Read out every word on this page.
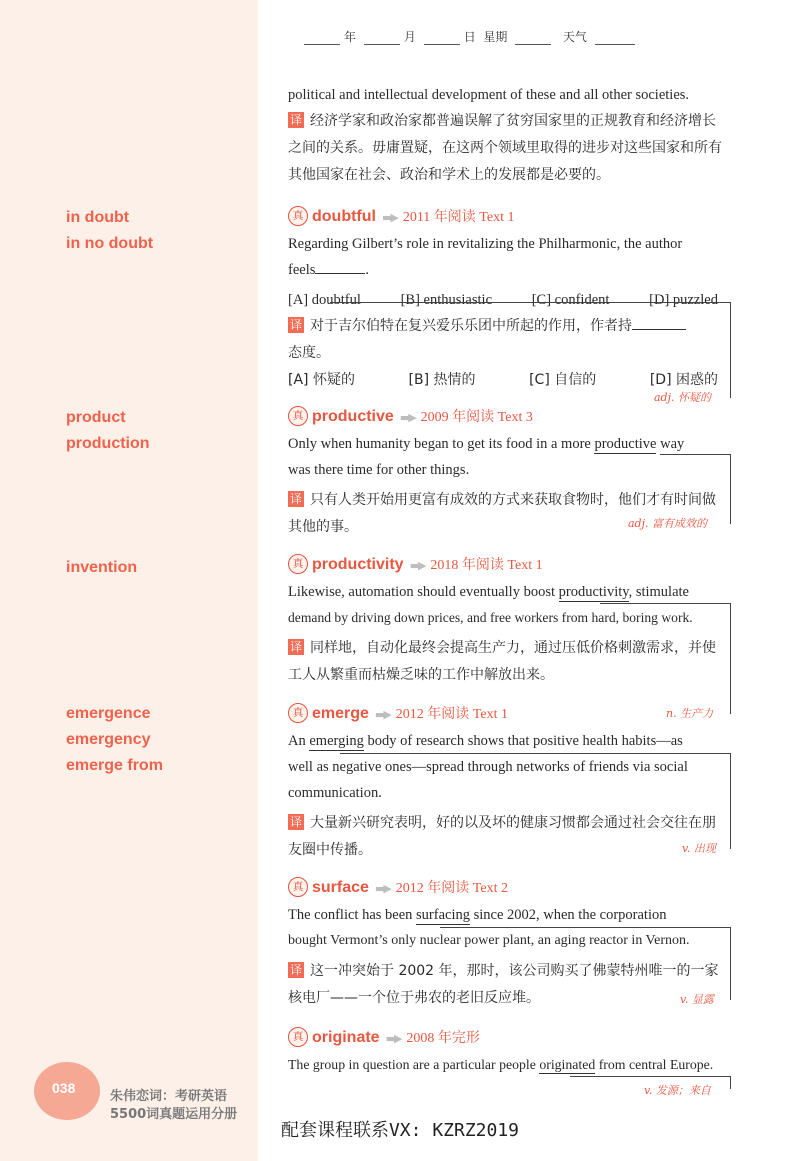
年	月	日 星期	天气
in doubt
in no doubt
product
production
invention
emergence
emergency
emerge from
political and intellectual development of these and all other societies.
译 经济学家和政治家都普遍误解了贫穷国家里的正规教育和经济增长之间的关系。毋庸置疑，在这两个领域里取得的进步对这些国家和所有其他国家在社会、政治和学术上的发展都是必要的。
真 doubtful ▬▶ 2011 年阅读 Text 1
Regarding Gilbert’s role in revitalizing the Philharmonic, the author
feels	.
[A] doubtful	[B] enthusiastic	[C] confident	[D] puzzled
译 对于吉尔伯特在复兴爱乐乐团中所起的作用，作者持
态度。
[A] 怀疑的	[B] 热情的	[C] 自信的	[D] 困惑的
adj. 怀疑的
真 productive ▬▶ 2009 年阅读 Text 3
Only when humanity began to get its food in a more productive way
was there time for other things.
译 只有人类开始用更富有成效的方式来获取食物时，他们才有时间做其他的事。	adj. 富有成效的
真 productivity ▬▶ 2018 年阅读 Text 1
Likewise, automation should eventually boost productivity, stimulate
demand by driving down prices, and free workers from hard, boring work.
译 同样地，自动化最终会提高生产力，通过压低价格刺激需求，并使工人从繁重而枯燥乏味的工作中解放出来。
n. 生产力
真 emerge ▬▶ 2012 年阅读 Text 1
An emerging body of research shows that positive health habits—as
well as negative ones—spread through networks of friends via social
communication.
译 大量新兴研究表明，好的以及坏的健康习惯都会通过社会交往在朋友圈中传播。	v. 出现
真 surface ▬▶ 2012 年阅读 Text 2
The conflict has been surfacing since 2002, when the corporation
bought Vermont’s only nuclear power plant, an aging reactor in Vernon.
译 这一冲突始于 2002 年，那时，该公司购买了佛蒙特州唯一的一家核电厂——一个位于弗农的老旧反应堆。	v. 显露
真 originate ▬▶ 2008 年完形
The group in question are a particular people originated from central Europe.
v. 发源；来自
038
朱伟恋词：考研英语
5500词真题运用分册
配套课程联系VX: KZRZ2019
